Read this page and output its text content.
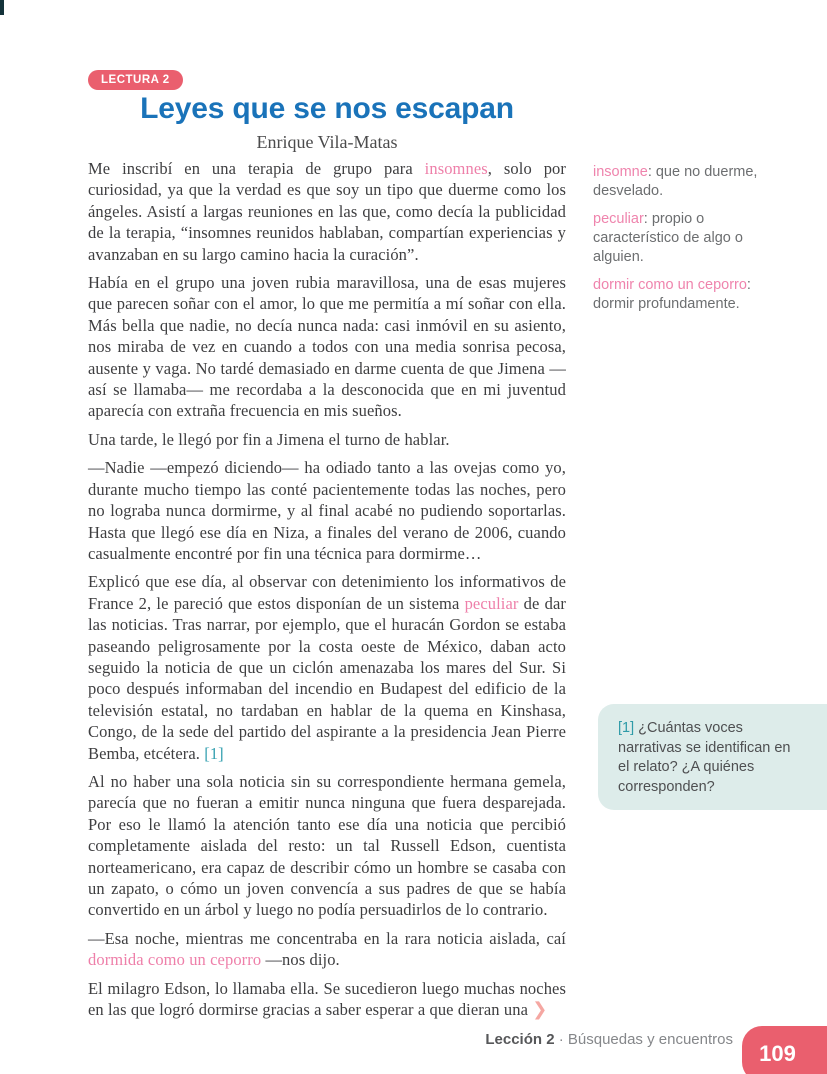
LECTURA 2
Leyes que se nos escapan
Enrique Vila-Matas

Me inscribí en una terapia de grupo para insomnes, solo por curiosidad, ya que la verdad es que soy un tipo que duerme como los ángeles. Asistí a largas reuniones en las que, como decía la publicidad de la terapia, “insomnes reunidos hablaban, compartían experiencias y avanzaban en su largo camino hacia la curación”.

Había en el grupo una joven rubia maravillosa, una de esas mujeres que parecen soñar con el amor, lo que me permitía a mí soñar con ella. Más bella que nadie, no decía nunca nada: casi inmóvil en su asiento, nos miraba de vez en cuando a todos con una media sonrisa pecosa, ausente y vaga. No tardé demasiado en darme cuenta de que Jimena —así se llamaba— me recordaba a la desconocida que en mi juventud aparecía con extraña frecuencia en mis sueños.

Una tarde, le llegó por fin a Jimena el turno de hablar.

—Nadie —empezó diciendo— ha odiado tanto a las ovejas como yo, durante mucho tiempo las conté pacientemente todas las noches, pero no lograba nunca dormirme, y al final acabé no pudiendo soportarlas. Hasta que llegó ese día en Niza, a finales del verano de 2006, cuando casualmente encontré por fin una técnica para dormirme…

Explicó que ese día, al observar con detenimiento los informativos de France 2, le pareció que estos disponían de un sistema peculiar de dar las noticias. Tras narrar, por ejemplo, que el huracán Gordon se estaba paseando peligrosamente por la costa oeste de México, daban acto seguido la noticia de que un ciclón amenazaba los mares del Sur. Si poco después informaban del incendio en Budapest del edificio de la televisión estatal, no tardaban en hablar de la quema en Kinshasa, Congo, de la sede del partido del aspirante a la presidencia Jean Pierre Bemba, etcétera. [1]

Al no haber una sola noticia sin su correspondiente hermana gemela, parecía que no fueran a emitir nunca ninguna que fuera desparejada. Por eso le llamó la atención tanto ese día una noticia que percibió completamente aislada del resto: un tal Russell Edson, cuentista norteamericano, era capaz de describir cómo un hombre se casaba con un zapato, o cómo un joven convencía a sus padres de que se había convertido en un árbol y luego no podía persuadirlos de lo contrario.

—Esa noche, mientras me concentraba en la rara noticia aislada, caí dormida como un ceporro —nos dijo.

El milagro Edson, lo llamaba ella. Se sucedieron luego muchas noches en las que logró dormirse gracias a saber esperar a que dieran una ❯

insomne: que no duerme, desvelado.
peculiar: propio o característico de algo o alguien.
dormir como un ceporro: dormir profundamente.
[1] ¿Cuántas voces narrativas se identifican en el relato? ¿A quiénes corresponden?
Lección 2 · Búsquedas y encuentros
109
